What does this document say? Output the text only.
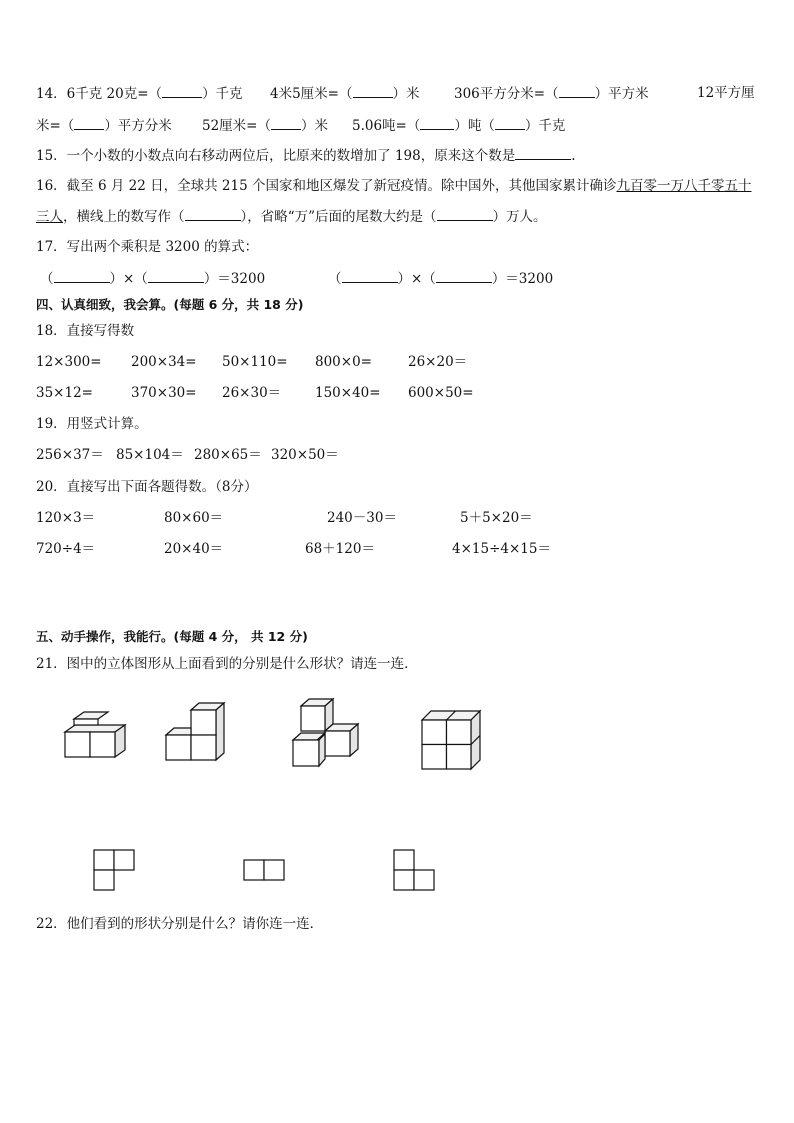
14．6千克 20克=（	）千克 4米5厘米=（	）米	306平方分米=（	）平方米	12平方厘
米=（ ）平方分米 52厘米=（ ）米 5.06吨=（	）吨（ ）千克
15．一个小数的小数点向右移动两位后，比原来的数增加了 198，原来这个数是	.
16．截至 6 月 22 日，全球共 215 个国家和地区爆发了新冠疫情。除中国外，其他国家累计确诊九百零一万八千零五十
三人，横线上的数写作（	），省略“万”后面的尾数大约是（	）万人。
17．写出两个乘积是 3200 的算式：
（	）×（	）＝3200	（	）×（	）＝3200
四、认真细致，我会算。(每题 6 分，共 18 分)
18．直接写得数
12×300= 200×34= 50×110= 800×0=	26×20＝
35×12=	370×30= 26×30＝	150×40= 600×50=
19．用竖式计算。
256×37＝ 85×104＝ 280×65＝ 320×50＝
20．直接写出下面各题得数。（8分）
120×3＝	80×60＝	240－30＝	5＋5×20＝
720÷4＝	20×40＝	68＋120＝	4×15÷4×15＝
五、动手操作，我能行。(每题 4 分， 共 12 分)
21．图中的立体图形从上面看到的分别是什么形状？请连一连．
22．他们看到的形状分别是什么？请你连一连．
